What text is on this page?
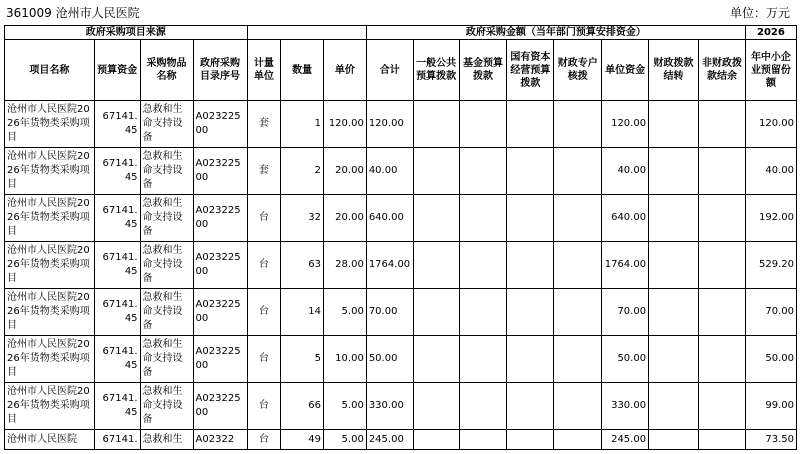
361009 沧州市人民医院	单位：万元
政府采购项目来源							政府采购金额（当年部门预算安排资金）								2026
项目名称	预算资金	采购物品名称	政府采购目录序号	计量单位	数量	单价	合计	一般公共预算拨款	基金预算拨款	国有资本经营预算拨款	财政专户核拨	单位资金	财政拨款结转	非财政拨款结余	年中小企业预留份额
沧州市人民医院2026年货物类采购项目	67141.45	急救和生命支持设备	A02322500	套	1	120.00	120.00					120.00			120.00
沧州市人民医院2026年货物类采购项目	67141.45	急救和生命支持设备	A02322500	套	2	20.00	40.00					40.00			40.00
沧州市人民医院2026年货物类采购项目	67141.45	急救和生命支持设备	A02322500	台	32	20.00	640.00					640.00			192.00
沧州市人民医院2026年货物类采购项目	67141.45	急救和生命支持设备	A02322500	台	63	28.00	1764.00					1764.00			529.20
沧州市人民医院2026年货物类采购项目	67141.45	急救和生命支持设备	A02322500	台	14	5.00	70.00					70.00			70.00
沧州市人民医院2026年货物类采购项目	67141.45	急救和生命支持设备	A02322500	台	5	10.00	50.00					50.00			50.00
沧州市人民医院2026年货物类采购项目	67141.45	急救和生命支持设备	A02322500	台	66	5.00	330.00					330.00			99.00
沧州市人民医院	67141.	急救和生	A02322	台	49	5.00	245.00					245.00			73.50
